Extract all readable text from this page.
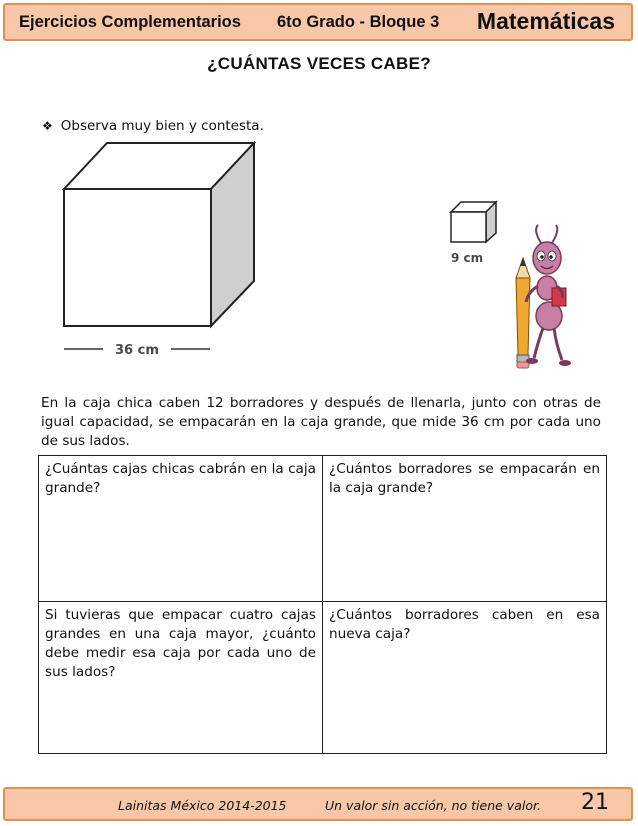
Ejercicios Complementarios 6to Grado - Bloque 3 Matemáticas
¿CUÁNTAS VECES CABE?
❖ Observa muy bien y contesta.
36 cm
9 cm
En la caja chica caben 12 borradores y después de llenarla, junto con otras de igual capacidad, se empacarán en la caja grande, que mide 36 cm por cada uno de sus lados.
¿Cuántas cajas chicas cabrán en la caja grande?	¿Cuántos borradores se empacarán en la caja grande?
Si tuvieras que empacar cuatro cajas grandes en una caja mayor, ¿cuánto debe medir esa caja por cada uno de sus lados?	¿Cuántos borradores caben en esa nueva caja?
Lainitas México 2014-2015	Un valor sin acción, no tiene valor. 21
